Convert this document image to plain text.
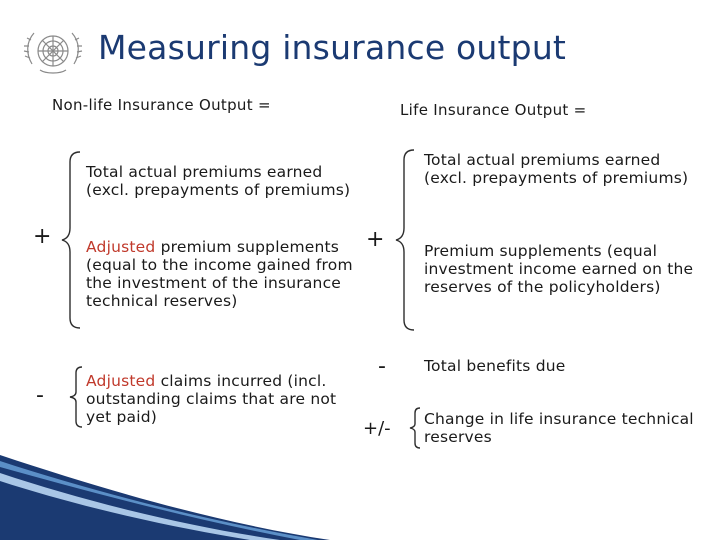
Measuring insurance output
Non-life Insurance Output =	Life Insurance Output =
+
Total actual premiums earned (excl. prepayments of premiums)
Adjusted premium supplements (equal to the income gained from the investment of the insurance technical reserves)
-
Adjusted claims incurred (incl. outstanding claims that are not yet paid)
+
Total actual premiums earned (excl. prepayments of premiums)
Premium supplements (equal investment income earned on the reserves of the policyholders)
- Total benefits due
+/- Change in life insurance technical reserves
